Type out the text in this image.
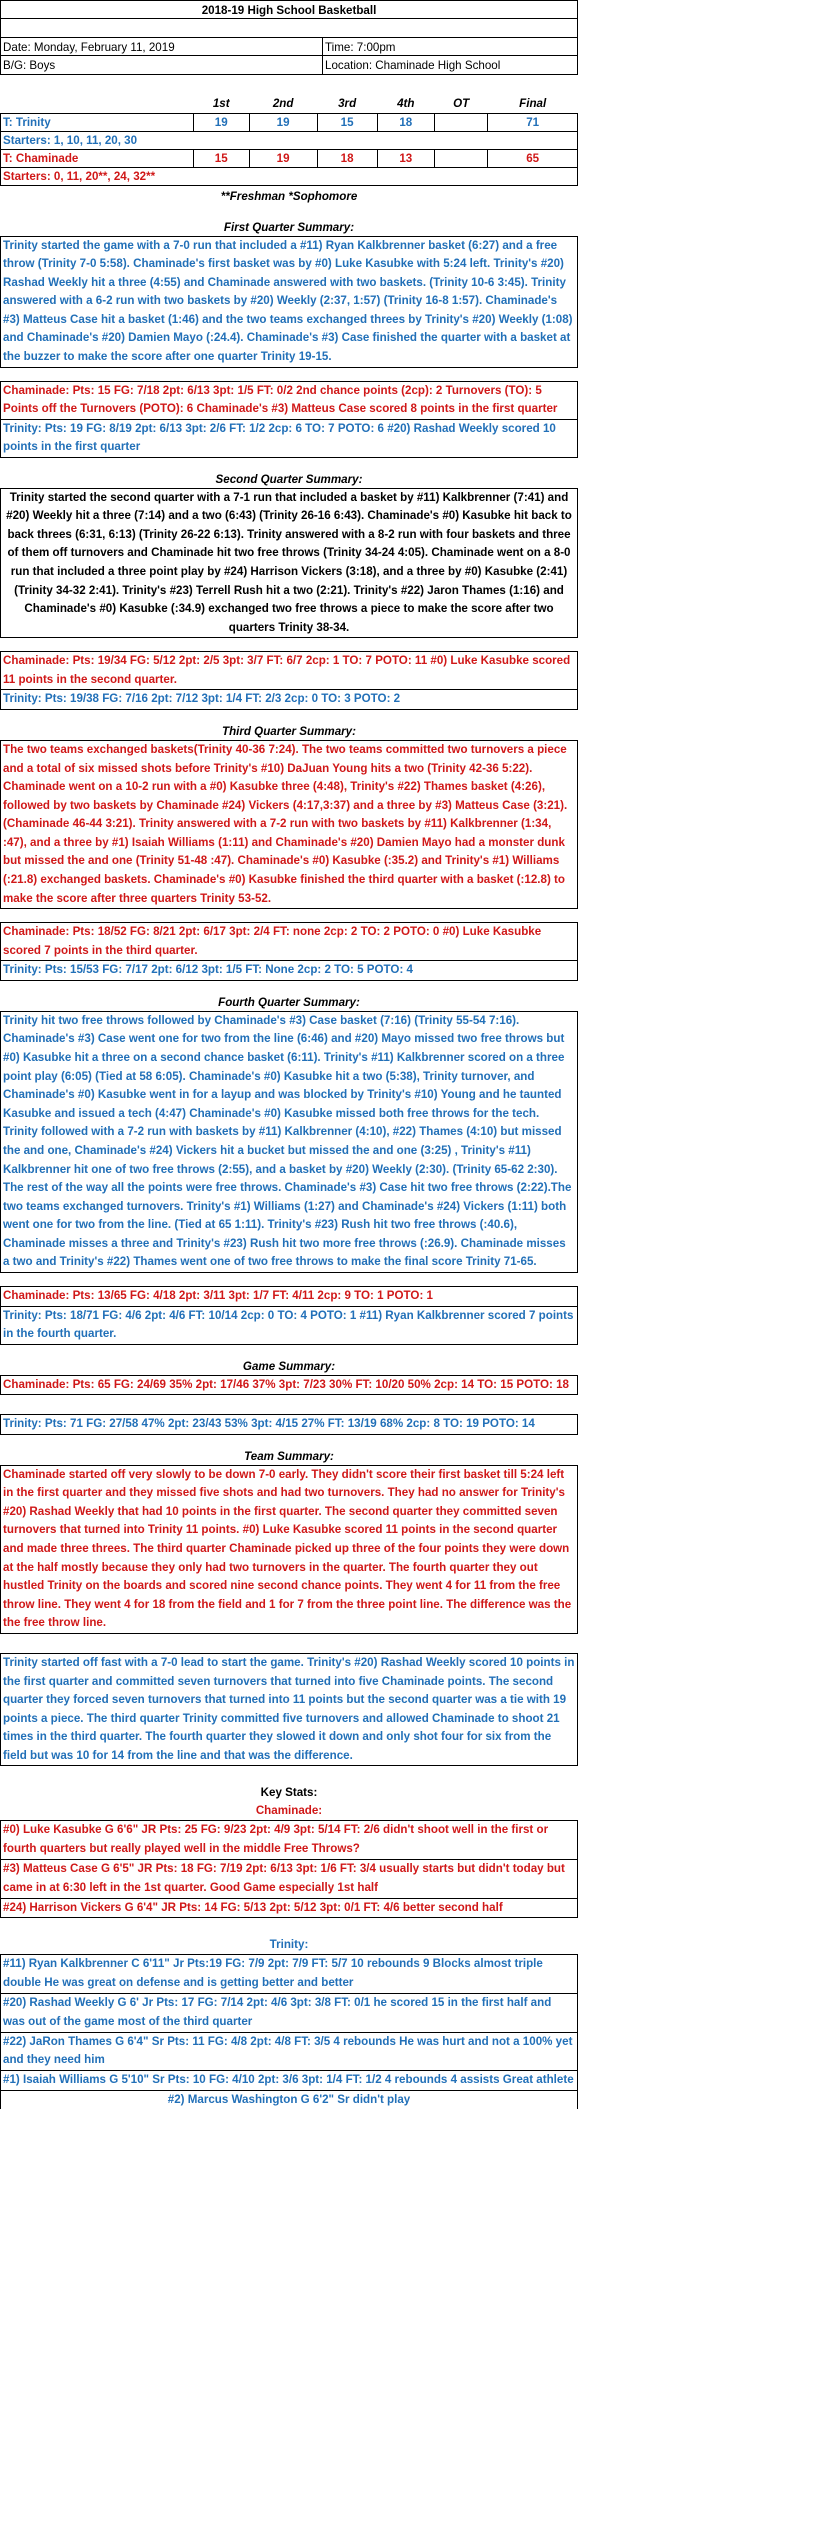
2018-19 High School Basketball
Date: Monday, February 11, 2019	Time: 7:00pm
B/G: Boys	Location: Chaminade High School
	1st	2nd	3rd	4th	OT	Final
T: Trinity	19	19	15	18		71
Starters: 1, 10, 11, 20, 30						
T: Chaminade	15	19	18	13		65
Starters: 0, 11, 20**, 24, 32**						
**Freshman *Sophomore
First Quarter Summary:
Trinity started the game with a 7-0 run that included a #11) Ryan Kalkbrenner basket (6:27) and a free throw (Trinity 7-0 5:58). Chaminade's first basket was by #0) Luke Kasubke with 5:24 left. Trinity's #20) Rashad Weekly hit a three (4:55) and Chaminade answered with two baskets. (Trinity 10-6 3:45). Trinity answered with a 6-2 run with two baskets by #20) Weekly (2:37, 1:57) (Trinity 16-8 1:57). Chaminade's #3) Matteus Case hit a basket (1:46) and the two teams exchanged threes by Trinity's #20) Weekly (1:08) and Chaminade's #20) Damien Mayo (:24.4). Chaminade's #3) Case finished the quarter with a basket at the buzzer to make the score after one quarter Trinity 19-15.
Chaminade: Pts: 15 FG: 7/18 2pt: 6/13 3pt: 1/5 FT: 0/2 2nd chance points (2cp): 2 Turnovers (TO): 5 Points off the Turnovers (POTO): 6 Chaminade's #3) Matteus Case scored 8 points in the first quarter
Trinity: Pts: 19 FG: 8/19 2pt: 6/13 3pt: 2/6 FT: 1/2 2cp: 6 TO: 7 POTO: 6 #20) Rashad Weekly scored 10 points in the first quarter
Second Quarter Summary:
Trinity started the second quarter with a 7-1 run that included a basket by #11) Kalkbrenner (7:41) and #20) Weekly hit a three (7:14) and a two (6:43) (Trinity 26-16 6:43). Chaminade's #0) Kasubke hit back to back threes (6:31, 6:13) (Trinity 26-22 6:13). Trinity answered with a 8-2 run with four baskets and three of them off turnovers and Chaminade hit two free throws (Trinity 34-24 4:05). Chaminade went on a 8-0 run that included a three point play by #24) Harrison Vickers (3:18), and a three by #0) Kasubke (2:41) (Trinity 34-32 2:41). Trinity's #23) Terrell Rush hit a two (2:21). Trinity's #22) Jaron Thames (1:16) and Chaminade's #0) Kasubke (:34.9) exchanged two free throws a piece to make the score after two quarters Trinity 38-34.
Chaminade: Pts: 19/34 FG: 5/12 2pt: 2/5 3pt: 3/7 FT: 6/7 2cp: 1 TO: 7 POTO: 11 #0) Luke Kasubke scored 11 points in the second quarter.
Trinity: Pts: 19/38 FG: 7/16 2pt: 7/12 3pt: 1/4 FT: 2/3 2cp: 0 TO: 3 POTO: 2
Third Quarter Summary:
The two teams exchanged baskets(Trinity 40-36 7:24). The two teams committed two turnovers a piece and a total of six missed shots before Trinity's #10) DaJuan Young hits a two (Trinity 42-36 5:22). Chaminade went on a 10-2 run with a #0) Kasubke three (4:48), Trinity's #22) Thames basket (4:26), followed by two baskets by Chaminade #24) Vickers (4:17,3:37) and a three by #3) Matteus Case (3:21). (Chaminade 46-44 3:21). Trinity answered with a 7-2 run with two baskets by #11) Kalkbrenner (1:34, :47), and a three by #1) Isaiah Williams (1:11) and Chaminade's #20) Damien Mayo had a monster dunk but missed the and one (Trinity 51-48 :47). Chaminade's #0) Kasubke (:35.2) and Trinity's #1) Williams (:21.8) exchanged baskets. Chaminade's #0) Kasubke finished the third quarter with a basket (:12.8) to make the score after three quarters Trinity 53-52.
Chaminade: Pts: 18/52 FG: 8/21 2pt: 6/17 3pt: 2/4 FT: none 2cp: 2 TO: 2 POTO: 0 #0) Luke Kasubke scored 7 points in the third quarter.
Trinity: Pts: 15/53 FG: 7/17 2pt: 6/12 3pt: 1/5 FT: None 2cp: 2 TO: 5 POTO: 4
Fourth Quarter Summary:
Trinity hit two free throws followed by Chaminade's #3) Case basket (7:16) (Trinity 55-54 7:16). Chaminade's #3) Case went one for two from the line (6:46) and #20) Mayo missed two free throws but #0) Kasubke hit a three on a second chance basket (6:11). Trinity's #11) Kalkbrenner scored on a three point play (6:05) (Tied at 58 6:05). Chaminade's #0) Kasubke hit a two (5:38), Trinity turnover, and Chaminade's #0) Kasubke went in for a layup and was blocked by Trinity's #10) Young and he taunted Kasubke and issued a tech (4:47) Chaminade's #0) Kasubke missed both free throws for the tech. Trinity followed with a 7-2 run with baskets by #11) Kalkbrenner (4:10), #22) Thames (4:10) but missed the and one, Chaminade's #24) Vickers hit a bucket but missed the and one (3:25) , Trinity's #11) Kalkbrenner hit one of two free throws (2:55), and a basket by #20) Weekly (2:30). (Trinity 65-62 2:30). The rest of the way all the points were free throws. Chaminade's #3) Case hit two free throws (2:22).The two teams exchanged turnovers. Trinity's #1) Williams (1:27) and Chaminade's #24) Vickers (1:11) both went one for two from the line. (Tied at 65 1:11). Trinity's #23) Rush hit two free throws (:40.6), Chaminade misses a three and Trinity's #23) Rush hit two more free throws (:26.9). Chaminade misses a two and Trinity's #22) Thames went one of two free throws to make the final score Trinity 71-65.
Chaminade: Pts: 13/65 FG: 4/18 2pt: 3/11 3pt: 1/7 FT: 4/11 2cp: 9 TO: 1 POTO: 1
Trinity: Pts: 18/71 FG: 4/6 2pt: 4/6 FT: 10/14 2cp: 0 TO: 4 POTO: 1 #11) Ryan Kalkbrenner scored 7 points in the fourth quarter.
Game Summary:
Chaminade: Pts: 65 FG: 24/69 35% 2pt: 17/46 37% 3pt: 7/23 30% FT: 10/20 50% 2cp: 14 TO: 15 POTO: 18
Trinity: Pts: 71 FG: 27/58 47% 2pt: 23/43 53% 3pt: 4/15 27% FT: 13/19 68% 2cp: 8 TO: 19 POTO: 14
Team Summary:
Chaminade started off very slowly to be down 7-0 early. They didn't score their first basket till 5:24 left in the first quarter and they missed five shots and had two turnovers. They had no answer for Trinity's #20) Rashad Weekly that had 10 points in the first quarter. The second quarter they committed seven turnovers that turned into Trinity 11 points. #0) Luke Kasubke scored 11 points in the second quarter and made three threes. The third quarter Chaminade picked up three of the four points they were down at the half mostly because they only had two turnovers in the quarter. The fourth quarter they out hustled Trinity on the boards and scored nine second chance points. They went 4 for 11 from the free throw line. They went 4 for 18 from the field and 1 for 7 from the three point line. The difference was the the free throw line.
Trinity started off fast with a 7-0 lead to start the game. Trinity's #20) Rashad Weekly scored 10 points in the first quarter and committed seven turnovers that turned into five Chaminade points. The second quarter they forced seven turnovers that turned into 11 points but the second quarter was a tie with 19 points a piece. The third quarter Trinity committed five turnovers and allowed Chaminade to shoot 21 times in the third quarter. The fourth quarter they slowed it down and only shot four for six from the field but was 10 for 14 from the line and that was the difference.
Key Stats:
Chaminade:
#0) Luke Kasubke G 6'6" JR Pts: 25 FG: 9/23 2pt: 4/9 3pt: 5/14 FT: 2/6 didn't shoot well in the first or fourth quarters but really played well in the middle Free Throws?
#3) Matteus Case G 6'5" JR Pts: 18 FG: 7/19 2pt: 6/13 3pt: 1/6 FT: 3/4 usually starts but didn't today but came in at 6:30 left in the 1st quarter. Good Game especially 1st half
#24) Harrison Vickers G 6'4" JR Pts: 14 FG: 5/13 2pt: 5/12 3pt: 0/1 FT: 4/6 better second half
Trinity:
#11) Ryan Kalkbrenner C 6'11" Jr Pts:19 FG: 7/9 2pt: 7/9 FT: 5/7 10 rebounds 9 Blocks almost triple double He was great on defense and is getting better and better
#20) Rashad Weekly G 6' Jr Pts: 17 FG: 7/14 2pt: 4/6 3pt: 3/8 FT: 0/1 he scored 15 in the first half and was out of the game most of the third quarter
#22) JaRon Thames G 6'4" Sr Pts: 11 FG: 4/8 2pt: 4/8 FT: 3/5 4 rebounds He was hurt and not a 100% yet and they need him
#1) Isaiah Williams G 5'10" Sr Pts: 10 FG: 4/10 2pt: 3/6 3pt: 1/4 FT: 1/2 4 rebounds 4 assists Great athlete
#2) Marcus Washington G 6'2" Sr didn't play
